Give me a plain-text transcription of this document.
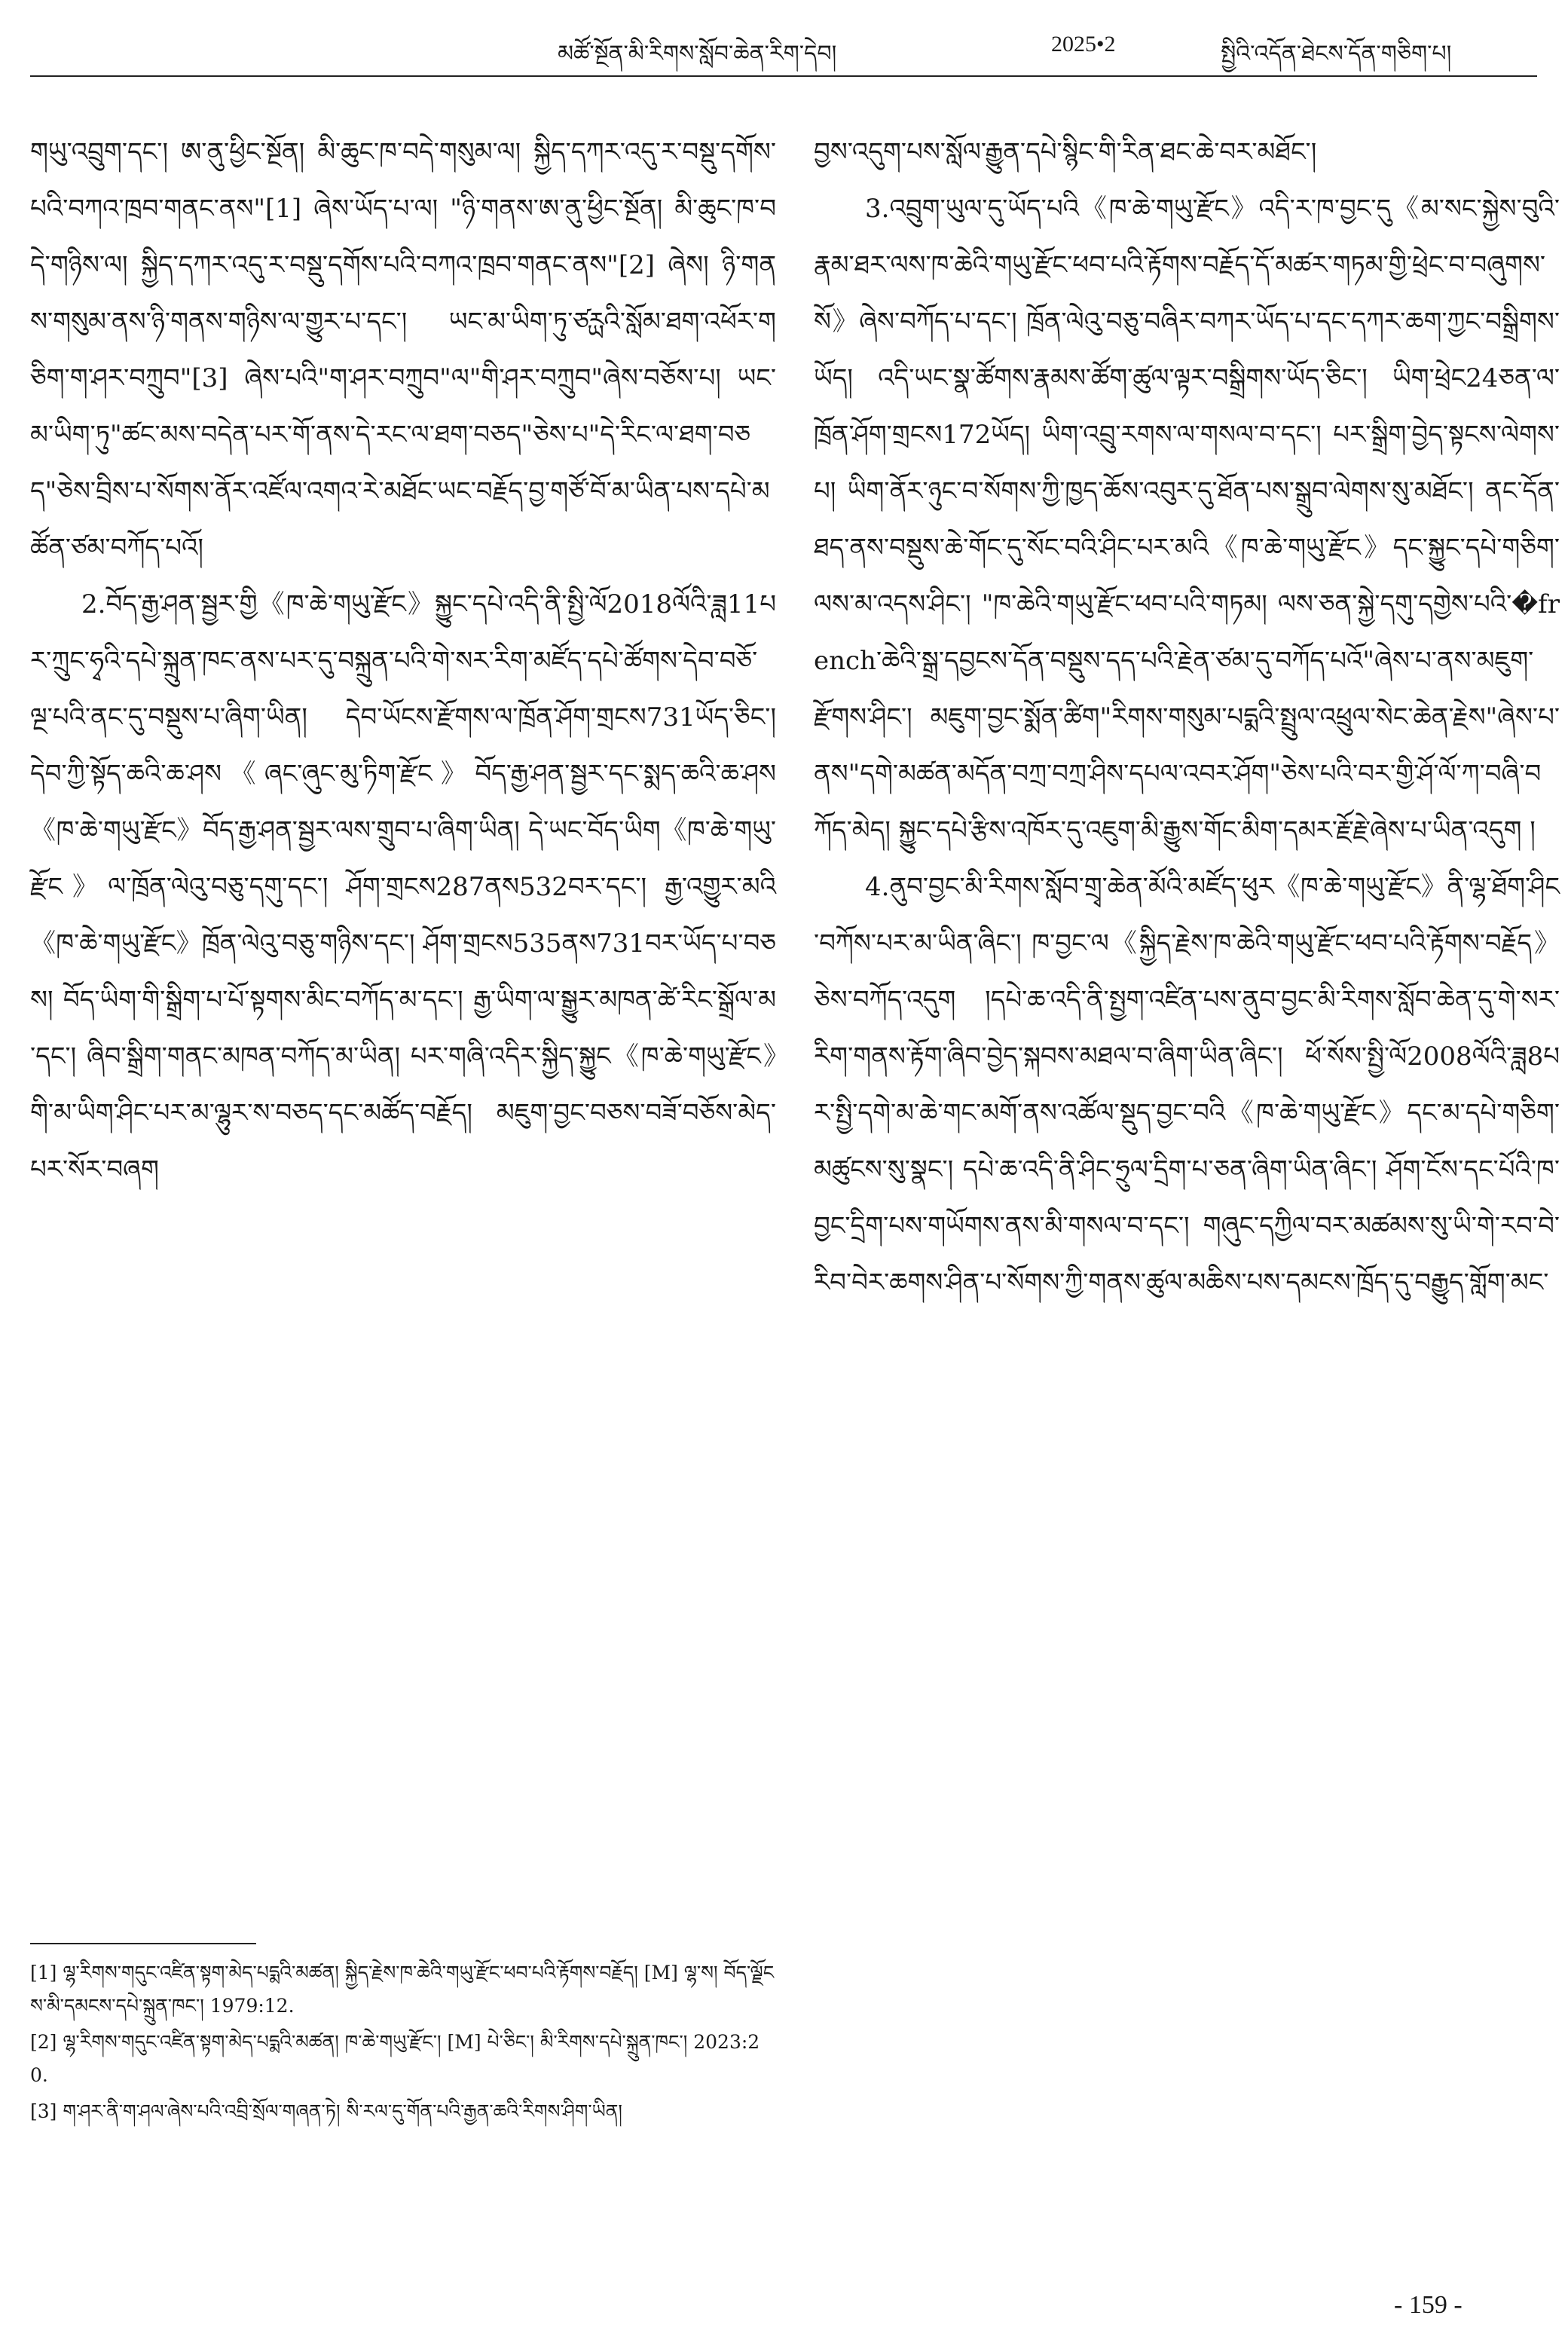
མཚོ་སྔོན་མི་རིགས་སློབ་ཆེན་རིག་དེབ།	2025•2	སྤྱིའི་འདོན་ཐེངས་དོན་གཅིག་པ།

གཡུ་འབྲུག་དང་། ཨ་ནུ་ཕྱིང་སྔོན། མི་ཆུང་ཁ་བདེ་གསུམ་ལ། སྐྱིད་དཀར་འདུ་ར་བསྡུ་དགོས་པའི་བཀའ་ཁྲབ་གནང་ནས"[1] ཞེས་ཡོད་པ་ལ། "ཉི་གནས་ཨ་ནུ་ཕྱིང་སྔོན། མི་ཆུང་ཁ་བདེ་གཉིས་ལ། སྐྱིད་དཀར་འདུ་ར་བསྡུ་དགོས་པའི་བཀའ་ཁྲབ་གནང་ནས"[2] ཞེས། ཉི་གནས་གསུམ་ནས་ཉི་གནས་གཉིས་ལ་གྱུར་པ་དང་། ཡང་མ་ཡིག་ཏུ་ཙཪྻའི་སློམ་ཐག་འཕོར་གཅིག་ག་ཤར་བཀྲུབ"[3] ཞེས་པའི"ག་ཤར་བཀྲུབ"ལ"གི་ཤར་བཀྲུབ"ཞེས་བཅོས་པ། ཡང་མ་ཡིག་ཏུ"ཚང་མས་བདེན་པར་གོ་ནས་དེ་རང་ལ་ཐག་བཅད"ཅེས་པ"དེ་རིང་ལ་ཐག་བཅད"ཅེས་བྲིས་པ་སོགས་ནོར་འཛོལ་འགའ་རེ་མཐོང་ཡང་བརྗོད་བྱ་གཙོ་བོ་མ་ཡིན་པས་དཔེ་མཚོན་ཙམ་བཀོད་པའོ།

2.བོད་རྒྱ་ཤན་སྦྱར་གྱི《ཁ་ཆེ་གཡུ་རྫོང》སྐྱུང་དཔེ་འདི་ནི་སྤྱི་ལོ2018ལོའི་ཟླ11པར་ཀྲུང་ཧྭའི་དཔེ་སྐྲུན་ཁང་ནས་པར་དུ་བསྐྲུན་པའི་གེ་སར་རིག་མཛོད་དཔེ་ཚོགས་དེབ་བཅོ་ལྔ་པའི་ནང་དུ་བསྡུས་པ་ཞིག་ཡིན། དེབ་ཡོངས་རྫོགས་ལ་ཁྲོན་ཤོག་གྲངས731ཡོད་ཅིང་། དེབ་ཀྱི་སྟོད་ཆའི་ཆ་ཤས《ཞང་ཞུང་མུ་ཏིག་རྫོང》བོད་རྒྱ་ཤན་སྦྱར་དང་སྨད་ཆའི་ཆ་ཤས《ཁ་ཆེ་གཡུ་རྫོང》བོད་རྒྱ་ཤན་སྦྱར་ལས་གྲུབ་པ་ཞིག་ཡིན། དེ་ཡང་བོད་ཡིག《ཁ་ཆེ་གཡུ་རྫོང》ལ་ཁྲོན་ལེའུ་བཅུ་དགུ་དང་། ཤོག་གྲངས287ནས532བར་དང་། རྒྱ་འགྱུར་མའི《ཁ་ཆེ་གཡུ་རྫོང》ཁྲོན་ལེའུ་བཅུ་གཉིས་དང་། ཤོག་གྲངས535ནས731བར་ཡོད་པ་བཅས། བོད་ཡིག་གི་སྒྲིག་པ་པོ་སྟགས་མིང་བཀོད་མ་དང་། རྒྱ་ཡིག་ལ་སྒྱུར་མཁན་ཚེ་རིང་སྒྲོལ་མ་དང་། ཞིབ་སྒྲིག་གནང་མཁན་བཀོད་མ་ཡིན། པར་གཞི་འདིར་སྐྱིད་སྐྱུང《ཁ་ཆེ་གཡུ་རྫོང》གི་མ་ཡིག་ཤིང་པར་མ་ལྷུར་ས་བཅད་དང་མཚོད་བརྗོད། མཇུག་བྱང་བཅས་བཟོ་བཅོས་མེད་པར་སོར་བཞག

བྱས་འདུག་པས་སློལ་རྒྱུན་དཔེ་སྙིང་གི་རིན་ཐང་ཆེ་བར་མཐོང་།

3.འབྲུག་ཡུལ་དུ་ཡོད་པའི《ཁ་ཆེ་གཡུ་རྫོང》འདི་ར་ཁ་བྱང་དུ《མ་སང་སྐྱེས་བུའི་རྣམ་ཐར་ལས་ཁ་ཆེའི་གཡུ་རྫོང་ཕབ་པའི་རྟོགས་བརྗོད་དོ་མཚར་གཏམ་གྱི་ཕྲེང་བ་བཞུགས་སོ》ཞེས་བཀོད་པ་དང་། ཁྲོན་ལེའུ་བཅུ་བཞིར་བཀར་ཡོད་པ་དང་དཀར་ཆག་ཀྱང་བསྒྲིགས་ཡོད། འདི་ཡང་སྣ་ཚོགས་རྣམས་ཚོག་ཚུལ་ལྟར་བསྒྲིགས་ཡོད་ཅིང་། ཡིག་ཕྲེང24ཅན་ལ་ཁྲོན་ཤོག་གྲངས172ཡོད། ཡིག་འབྲུ་རགས་ལ་གསལ་བ་དང་། པར་སྒྲིག་བྱེད་སྟངས་ལེགས་པ། ཡིག་ནོར་ཉུང་བ་སོགས་ཀྱི་ཁྱད་ཆོས་འབུར་དུ་ཐོན་པས་སྒྲུབ་ལེགས་སུ་མཐོང་། ནང་དོན་ཐད་ནས་བསྡུས་ཆེ་གོང་དུ་སོང་བའི་ཤིང་པར་མའི《ཁ་ཆེ་གཡུ་རྫོང》དང་སྐྱུང་དཔེ་གཅིག་ལས་མ་འདས་ཤིང་། "ཁ་ཆེའི་གཡུ་རྫོང་ཕབ་པའི་གཏམ། ལས་ཅན་སྐྱེ་དགུ་དགྱེས་པའི་�french་ཆེའི་སྒྲ་དབྱངས་དོན་བསྡུས་དད་པའི་རྗེན་ཙམ་དུ་བཀོད་པའོ"ཞེས་པ་ནས་མཇུག་རྫོགས་ཤིང་། མཇུག་བྱང་སྨོན་ཚིག"རིགས་གསུམ་པདྨའི་སྤྲུལ་འཕྲུལ་སེང་ཆེན་རྗེས"ཞེས་པ་ནས"དགེ་མཚན་མདོན་བཀྲ་བཀྲ་ཤིས་དཔལ་འབར་ཤོག"ཅེས་པའི་བར་གྱི་ཤོ་ལོ་ཀ་བཞི་བཀོད་མེད། སྐྱུང་དཔེ་རྩིས་འཁོར་དུ་འཇུག་མི་རྒྱུས་གོང་མིག་དམར་རྗོ་རྗེ་ཞེས་པ་ཡིན་འདུག །

4.ནུབ་བྱང་མི་རིགས་སློབ་གྲྭ་ཆེན་མོའི་མཛོད་ཕུར《ཁ་ཆེ་གཡུ་རྫོང》ནི་ལྷ་ཐོག་ཤིང་བཀོས་པར་མ་ཡིན་ཞིང་། ཁ་བྱང་ལ《སྐྱིད་རྗེས་ཁ་ཆེའི་གཡུ་རྫོང་ཕབ་པའི་རྟོགས་བརྗོད》ཅེས་བཀོད་འདུག །དཔེ་ཆ་འདི་ནི་སྤྱག་འཛིན་པས་ནུབ་བྱང་མི་རིགས་སློབ་ཆེན་དུ་གེ་སར་རིག་གནས་རྟོག་ཞིབ་བྱེད་སྐབས་མཐལ་བ་ཞིག་ཡིན་ཞིང་། ཕོ་སོས་སྤྱི་ལོ2008ལོའི་ཟླ8པར་སྤྱི་དགེ་མ་ཆེ་གང་མགོ་ནས་འཚོལ་སྡུད་བྱང་བའི《ཁ་ཆེ་གཡུ་རྫོང》དང་མ་དཔེ་གཅིག་མཚུངས་སུ་སྣང་། དཔེ་ཆ་འདི་ནི་ཤིང་ཧྲུལ་དྲིག་པ་ཅན་ཞིག་ཡིན་ཞིང་། ཤོག་ངོས་དང་པོའི་ཁ་བྱང་དྲིག་པས་གཡོགས་ནས་མི་གསལ་བ་དང་། གཞུང་དཀྱིལ་བར་མཚམས་སུ་ཡི་གེ་རབ་བེ་རིབ་བེར་ཆགས་ཤིན་པ་སོགས་ཀྱི་གནས་ཚུལ་མཆིས་པས་དམངས་ཁྲོད་དུ་བརྒྱུད་གློག་མང་

[1] ལྷ་རིགས་གདུང་འཛིན་སྟག་མེད་པདྨའི་མཚན། སྐྱིད་རྗེས་ཁ་ཆེའི་གཡུ་རྫོང་ཕབ་པའི་རྟོགས་བརྗོད། [M] ལྷ་ས། བོད་ལྗོངས་མི་དམངས་དཔེ་སྐྲུན་ཁང་། 1979:12.

[2] ལྷ་རིགས་གདུང་འཛིན་སྟག་མེད་པདྨའི་མཚན། ཁ་ཆེ་གཡུ་རྫོང་། [M] པེ་ཅིང་། མི་རིགས་དཔེ་སྐྲུན་ཁང་། 2023:20.

[3] ག་ཤར་ནི་ག་ཤལ་ཞེས་པའི་འབྲི་སྲོལ་གཞན་ཏེ། སི་རལ་དུ་གོན་པའི་རྒྱན་ཆའི་རིགས་ཤིག་ཡིན།

- 159 -
